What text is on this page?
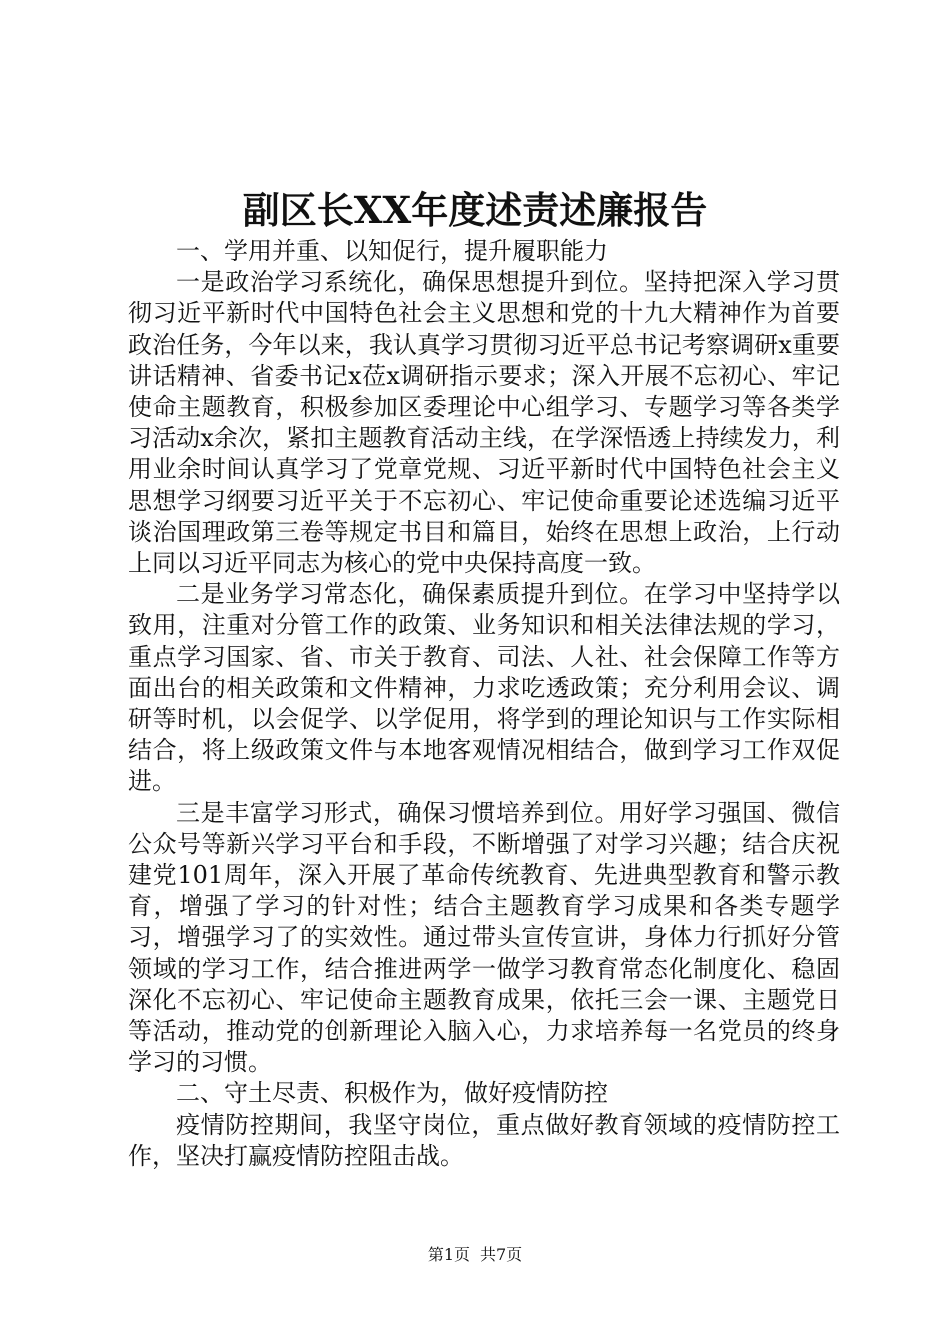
副区长XX年度述责述廉报告

一、学用并重、以知促行，提升履职能力

一是政治学习系统化，确保思想提升到位。坚持把深入学习贯彻习近平新时代中国特色社会主义思想和党的十九大精神作为首要政治任务，今年以来，我认真学习贯彻习近平总书记考察调研x重要讲话精神、省委书记x莅x调研指示要求；深入开展不忘初心、牢记使命主题教育，积极参加区委理论中心组学习、专题学习等各类学习活动x余次，紧扣主题教育活动主线，在学深悟透上持续发力，利用业余时间认真学习了党章党规、习近平新时代中国特色社会主义思想学习纲要习近平关于不忘初心、牢记使命重要论述选编习近平谈治国理政第三卷等规定书目和篇目，始终在思想上政治，上行动上同以习近平同志为核心的党中央保持高度一致。

二是业务学习常态化，确保素质提升到位。在学习中坚持学以致用，注重对分管工作的政策、业务知识和相关法律法规的学习，重点学习国家、省、市关于教育、司法、人社、社会保障工作等方面出台的相关政策和文件精神，力求吃透政策；充分利用会议、调研等时机，以会促学、以学促用，将学到的理论知识与工作实际相结合，将上级政策文件与本地客观情况相结合，做到学习工作双促进。

三是丰富学习形式，确保习惯培养到位。用好学习强国、微信公众号等新兴学习平台和手段，不断增强了对学习兴趣；结合庆祝建党101周年，深入开展了革命传统教育、先进典型教育和警示教育，增强了学习的针对性；结合主题教育学习成果和各类专题学习，增强学习了的实效性。通过带头宣传宣讲，身体力行抓好分管领域的学习工作，结合推进两学一做学习教育常态化制度化、稳固深化不忘初心、牢记使命主题教育成果，依托三会一课、主题党日等活动，推动党的创新理论入脑入心，力求培养每一名党员的终身学习的习惯。

二、守土尽责、积极作为，做好疫情防控

疫情防控期间，我坚守岗位，重点做好教育领域的疫情防控工作，坚决打赢疫情防控阻击战。

第1页 共7页
